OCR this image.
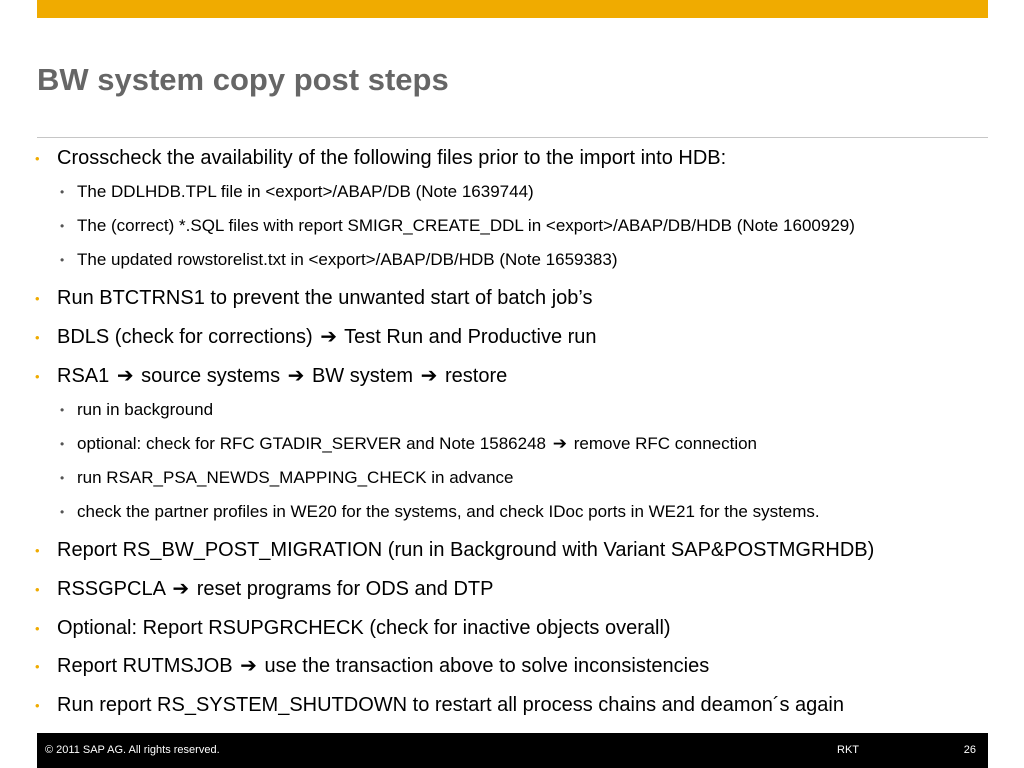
BW system copy post steps
• Crosscheck the availability of the following files prior to the import into HDB:
• The DDLHDB.TPL file in <export>/ABAP/DB (Note 1639744)
• The (correct) *.SQL files with report SMIGR_CREATE_DDL in <export>/ABAP/DB/HDB (Note 1600929)
• The updated rowstorelist.txt in <export>/ABAP/DB/HDB (Note 1659383)
• Run BTCTRNS1 to prevent the unwanted start of batch job’s
• BDLS (check for corrections) ➔ Test Run and Productive run
• RSA1 ➔ source systems ➔ BW system ➔ restore
• run in background
• optional: check for RFC GTADIR_SERVER and Note 1586248 ➔ remove RFC connection
• run RSAR_PSA_NEWDS_MAPPING_CHECK in advance
• check the partner profiles in WE20 for the systems, and check IDoc ports in WE21 for the systems.
• Report RS_BW_POST_MIGRATION (run in Background with Variant SAP&POSTMGRHDB)
• RSSGPCLA ➔ reset programs for ODS and DTP
• Optional: Report RSUPGRCHECK (check for inactive objects overall)
• Report RUTMSJOB ➔ use the transaction above to solve inconsistencies
• Run report RS_SYSTEM_SHUTDOWN to restart all process chains and deamon´s again
© 2011 SAP AG. All rights reserved.	RKT	26
